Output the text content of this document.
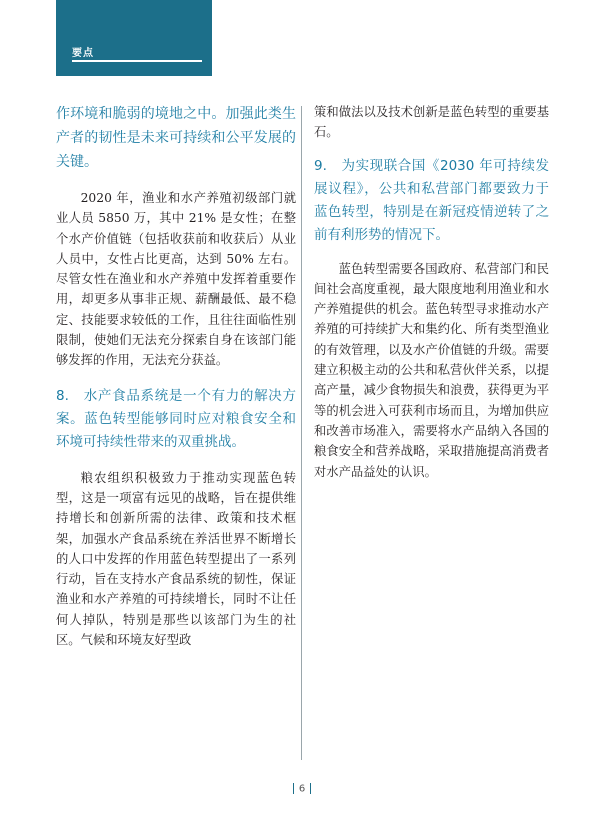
要点

作环境和脆弱的境地之中。加强此类生产者的韧性是未来可持续和公平发展的关键。

2020 年，渔业和水产养殖初级部门就业人员 5850 万，其中 21% 是女性；在整个水产价值链（包括收获前和收获后）从业人员中，女性占比更高，达到 50% 左右。尽管女性在渔业和水产养殖中发挥着重要作用，却更多从事非正规、薪酬最低、最不稳定、技能要求较低的工作，且往往面临性别限制，使她们无法充分探索自身在该部门能够发挥的作用，无法充分获益。

8.　水产食品系统是一个有力的解决方案。蓝色转型能够同时应对粮食安全和环境可持续性带来的双重挑战。

粮农组织积极致力于推动实现蓝色转型，这是一项富有远见的战略，旨在提供维持增长和创新所需的法律、政策和技术框架，加强水产食品系统在养活世界不断增长的人口中发挥的作用蓝色转型提出了一系列行动，旨在支持水产食品系统的韧性，保证渔业和水产养殖的可持续增长，同时不让任何人掉队，特别是那些以该部门为生的社区。气候和环境友好型政

策和做法以及技术创新是蓝色转型的重要基石。

9.　为实现联合国《2030 年可持续发展议程》，公共和私营部门都要致力于蓝色转型，特别是在新冠疫情逆转了之前有利形势的情况下。

蓝色转型需要各国政府、私营部门和民间社会高度重视，最大限度地利用渔业和水产养殖提供的机会。蓝色转型寻求推动水产养殖的可持续扩大和集约化、所有类型渔业的有效管理，以及水产价值链的升级。需要建立积极主动的公共和私营伙伴关系，以提高产量，减少食物损失和浪费，获得更为平等的机会进入可获利市场而且，为增加供应和改善市场准入，需要将水产品纳入各国的粮食安全和营养战略，采取措施提高消费者对水产品益处的认识。

6
